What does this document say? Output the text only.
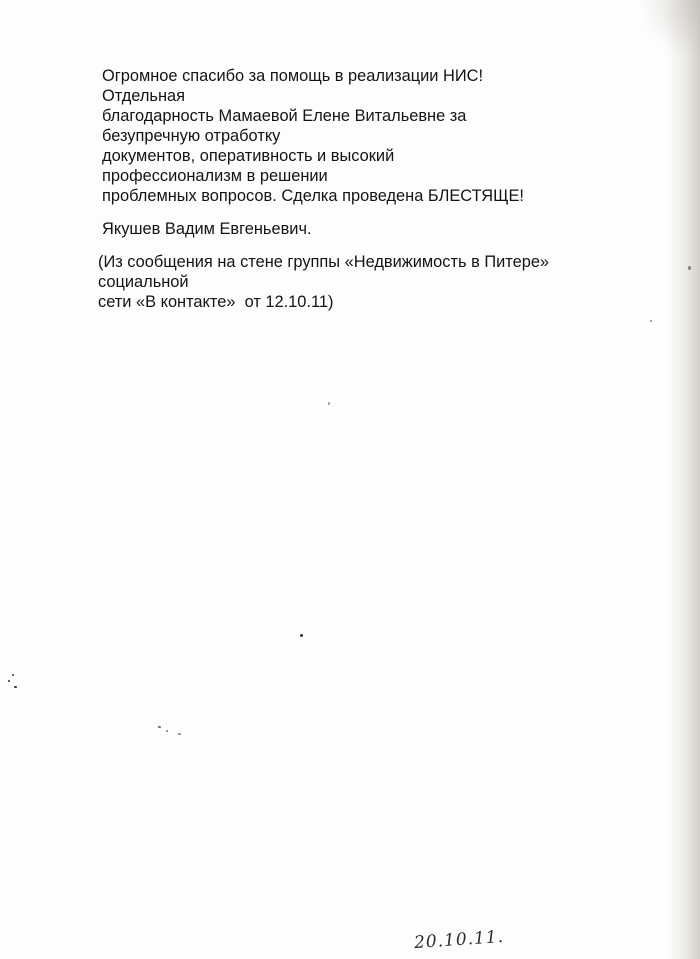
Огромное спасибо за помощь в реализации НИС! Отдельная
благодарность Мамаевой Елене Витальевне за безупречную отработку
документов, оперативность и высокий профессионализм в решении
проблемных вопросов. Сделка проведена БЛЕСТЯЩЕ!

Якушев Вадим Евгеньевич.

(Из сообщения на стене группы «Недвижимость в Питере» социальной
сети «В контакте»  от 12.10.11)

20.10.11.
